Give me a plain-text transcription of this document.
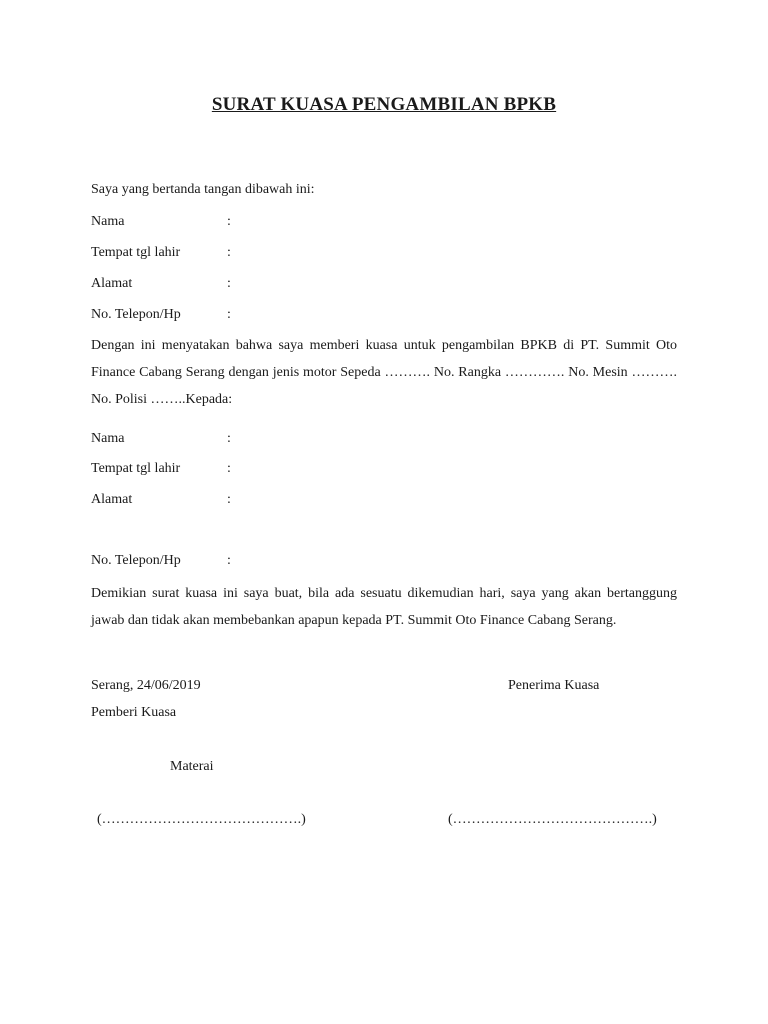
SURAT KUASA PENGAMBILAN BPKB
Saya yang bertanda tangan dibawah ini:
Nama	:
Tempat tgl lahir	:
Alamat	:
No. Telepon/Hp	:
Dengan ini menyatakan bahwa saya memberi kuasa untuk pengambilan BPKB di PT. Summit Oto Finance Cabang Serang dengan jenis motor Sepeda ………. No. Rangka …………. No. Mesin ………. No. Polisi ……..Kepada:
Nama	:
Tempat tgl lahir	:
Alamat	:
No. Telepon/Hp	:
Demikian surat kuasa ini saya buat, bila ada sesuatu dikemudian hari, saya yang akan bertanggung jawab dan tidak akan membebankan apapun kepada PT. Summit Oto Finance Cabang Serang.
Serang, 24/06/2019	Penerima Kuasa
Pemberi Kuasa
Materai
(…………………………………….)	(…………………………………….)
